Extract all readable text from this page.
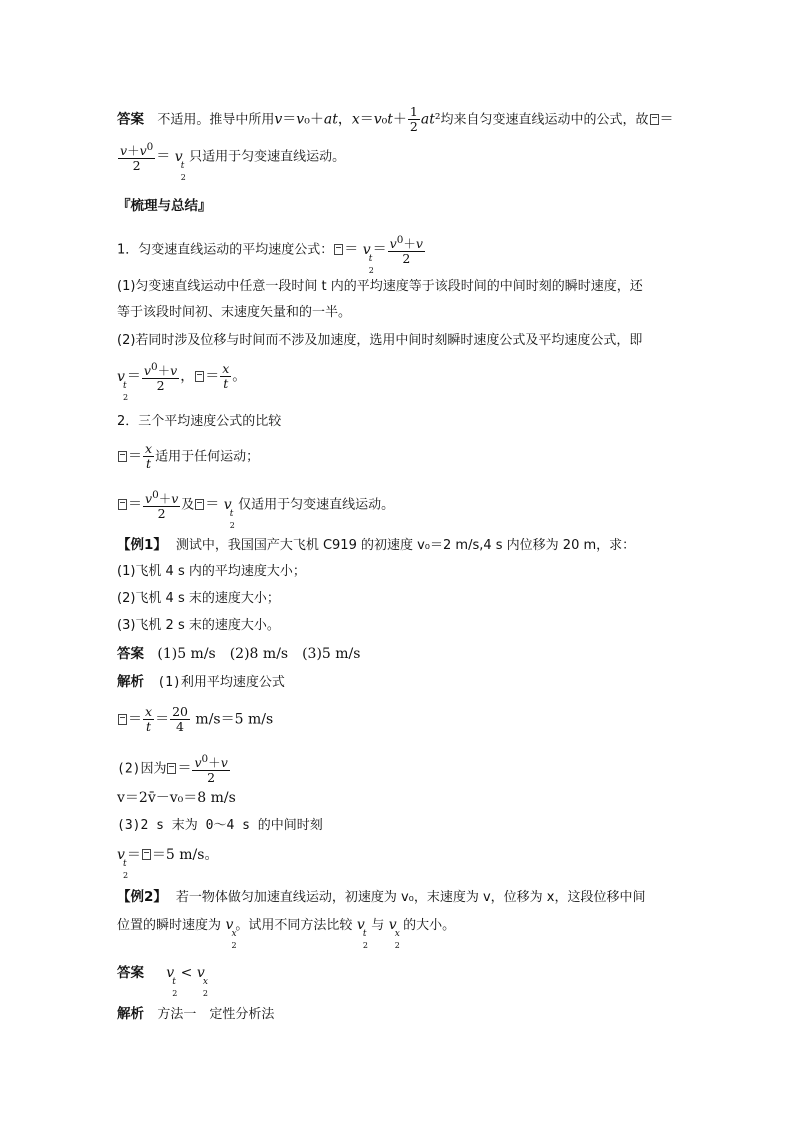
答案 不适用。推导中所用v＝v₀＋at，$x=v_0t+ \frac{1}{2} at^2$均来自匀变速直线运动中的公式，故 ＝
$\frac{v+v^0}{2} = v$
t
2
只适用于匀变速直线运动。
『梳理与总结』
1．匀变速直线运动的平均速度公式： ＝ v
t
2
＝ $\frac{v^0+v}{2}$
(1)匀变速直线运动中任意一段时间 t 内的平均速度等于该段时间的中间时刻的瞬时速度，还
等于该段时间初、末速度矢量和的一半。
(2)若同时涉及位移与时间而不涉及加速度，选用中间时刻瞬时速度公式及平均速度公式，即
v
t
2
＝ $\frac{v^0+v}{2}$ ， ＝ $\frac{x}{t}$ 。
2．三个平均速度公式的比较
＝ $\frac{x}{t}$ 适用于任何运动；
＝ $\frac{v^0+v}{2}$ 及 ＝ v
t
2
仅适用于匀变速直线运动。
【例1】 测试中，我国国产大飞机 C919 的初速度 v₀＝2 m/s,4 s 内位移为 20 m，求：
(1)飞机 4 s 内的平均速度大小；
(2)飞机 4 s 末的速度大小；
(3)飞机 2 s 末的速度大小。
答案 (1)5 m/s　(2)8 m/s　(3)5 m/s
解析 (1)利用平均速度公式
＝ $\frac{x}{t} = \frac{20}{4} m/s=5$ m/s
(2)因为 ＝ $\frac{v^0+v}{2}$
v＝2v̄－v₀＝8 m/s
(3)2 s 末为 0～4 s 的中间时刻
v
t
2
＝ ＝5 m/s。
【例2】 若一物体做匀加速直线运动，初速度为 v₀，末速度为 v，位移为 x，这段位移中间
位置的瞬时速度为 v
x
2
。试用不同方法比较 v
t
2
与 v
x
2
的大小。
答案 v
t
2
< v
x
2
解析 方法一　定性分析法
